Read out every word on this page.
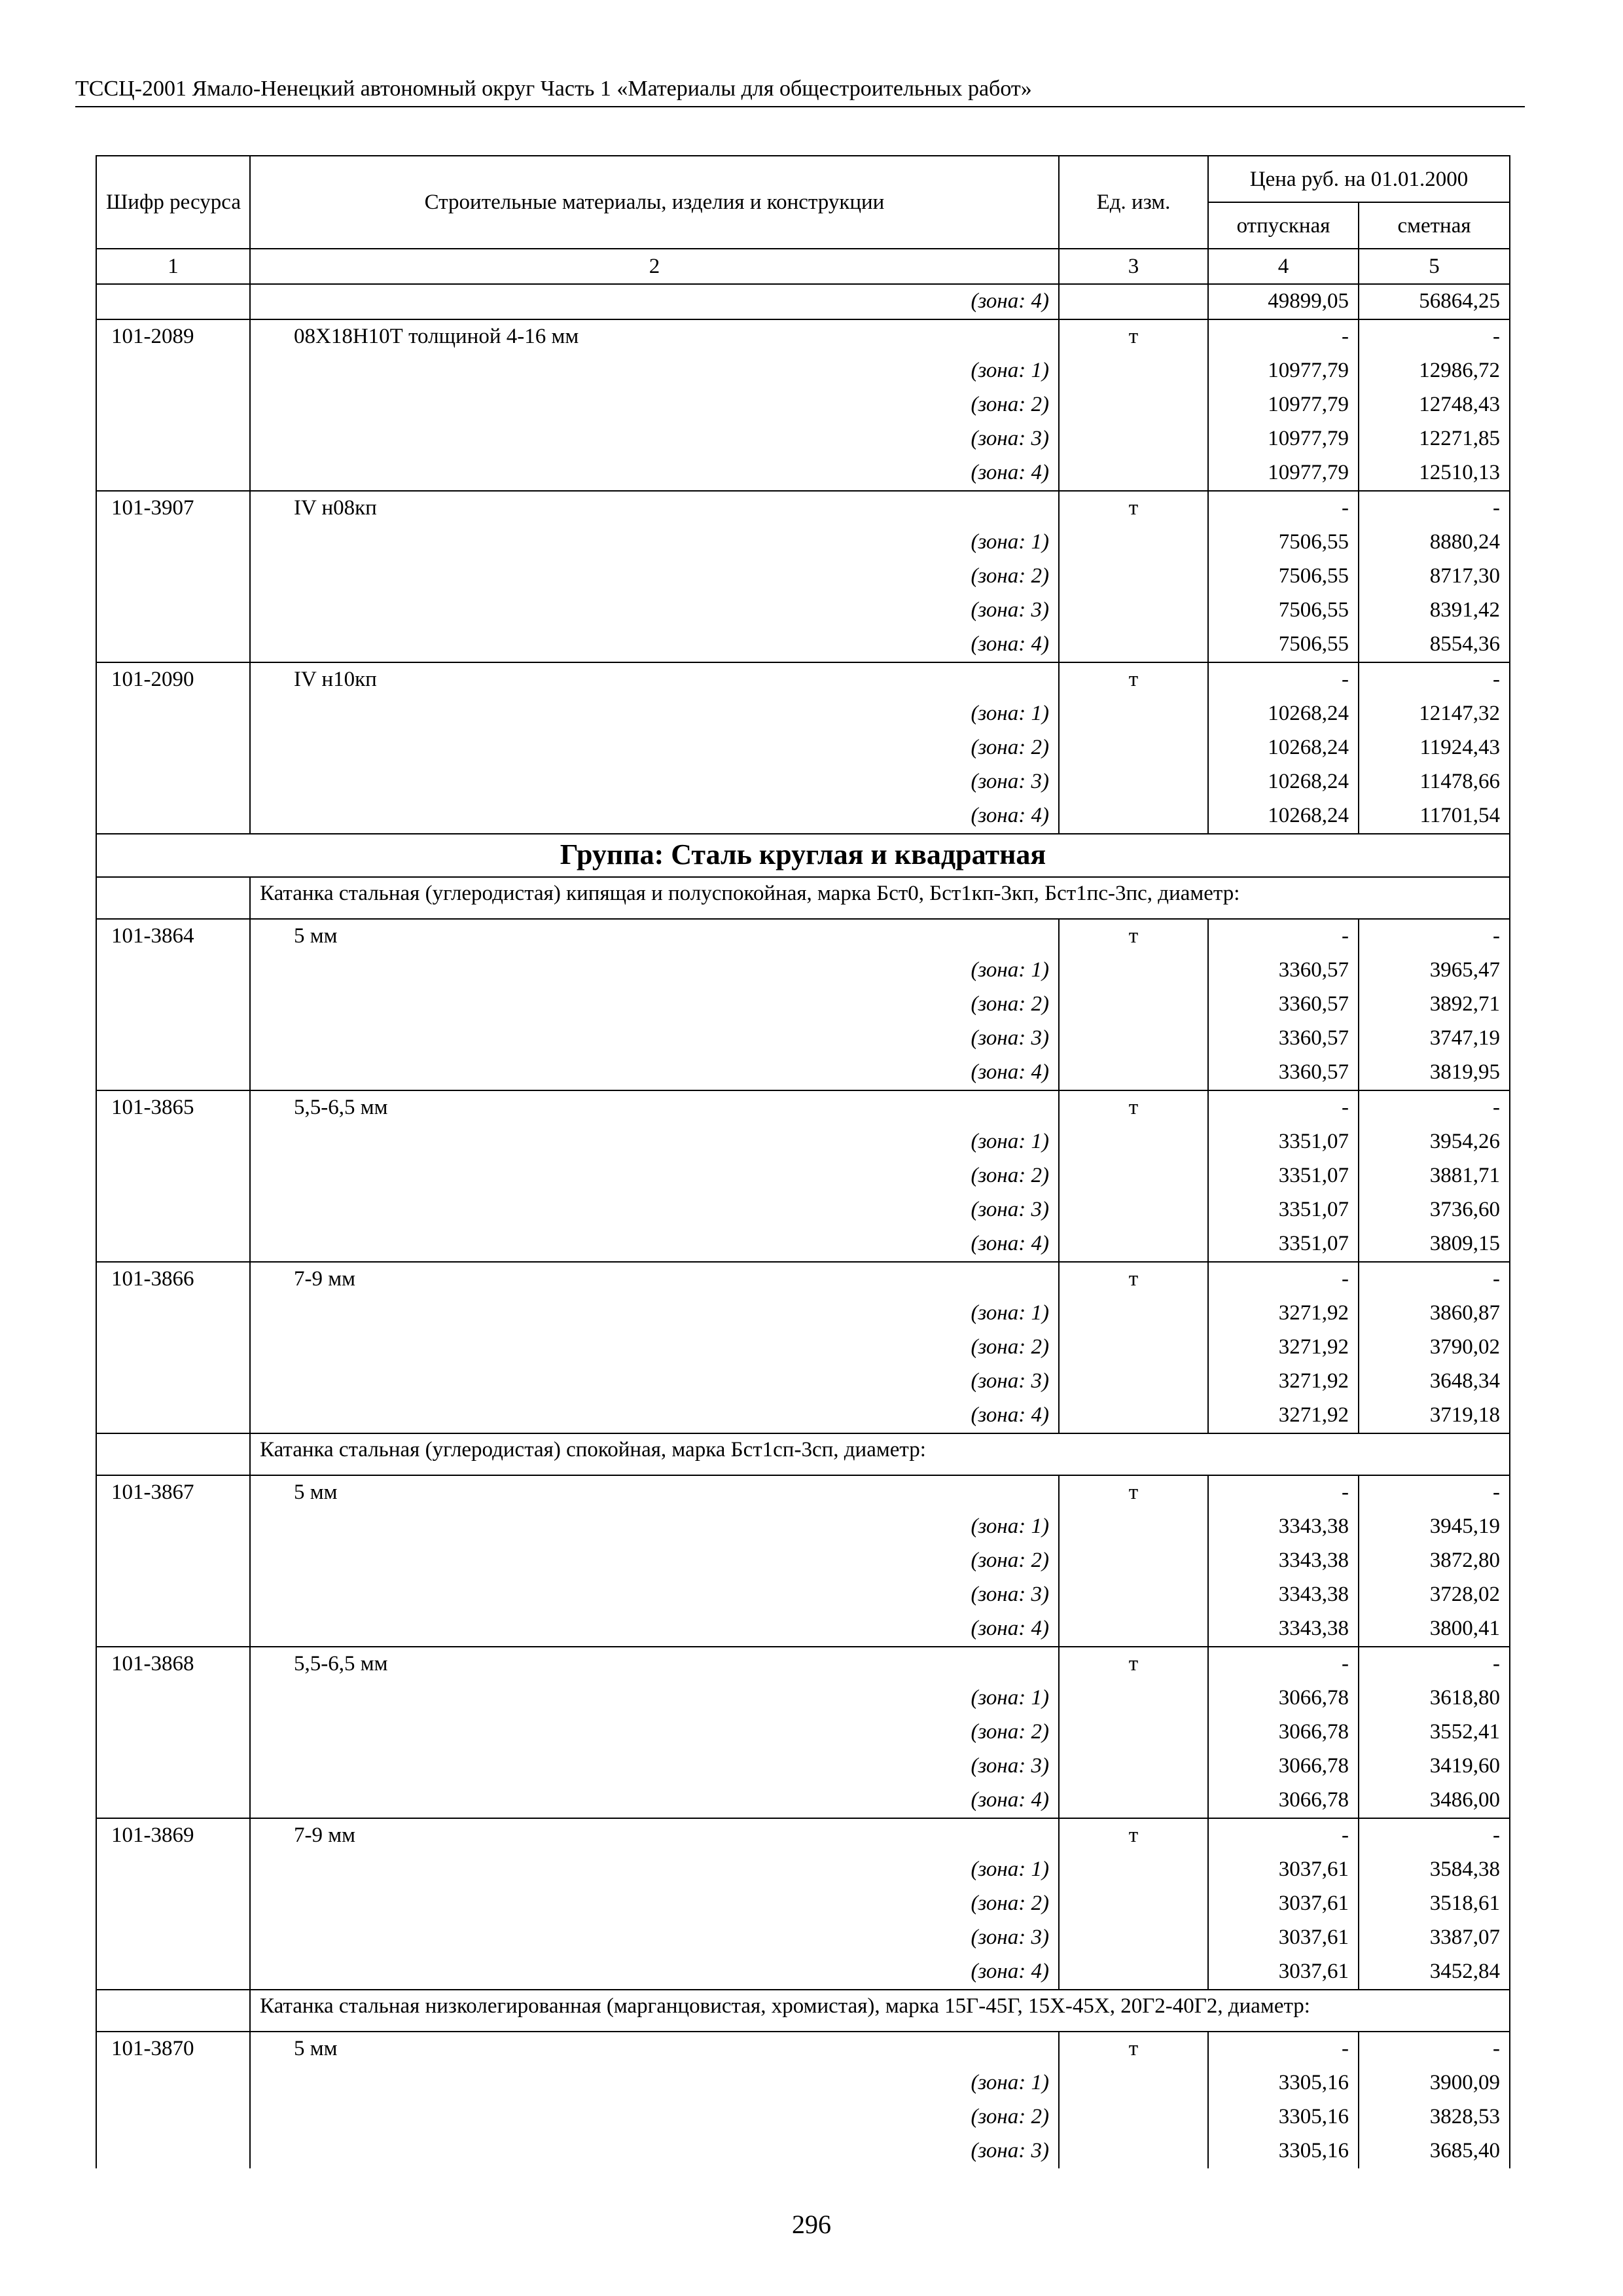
ТССЦ-2001 Ямало-Ненецкий автономный округ Часть 1 «Материалы для общестроительных работ»
Шифр ресурса	Строительные материалы, изделия и конструкции	Ед. изм.	Цена руб. на 01.01.2000	
			отпускная	сметная
1	2	3	4	5
	(зона: 4)		49899,05	56864,25
101-2089	08Х18Н10Т толщиной 4-16 мм	т	-	-
	(зона: 1)		10977,79	12986,72
	(зона: 2)		10977,79	12748,43
	(зона: 3)		10977,79	12271,85
	(зона: 4)		10977,79	12510,13
101-3907	IV н08кп	т	-	-
	(зона: 1)		7506,55	8880,24
	(зона: 2)		7506,55	8717,30
	(зона: 3)		7506,55	8391,42
	(зона: 4)		7506,55	8554,36
101-2090	IV н10кп	т	-	-
	(зона: 1)		10268,24	12147,32
	(зона: 2)		10268,24	11924,43
	(зона: 3)		10268,24	11478,66
	(зона: 4)		10268,24	11701,54
Группа: Сталь круглая и квадратная				
	Катанка стальная (углеродистая) кипящая и полуспокойная, марка Бст0, Бст1кп-3кп, Бст1пс-3пс, диаметр:			
101-3864	5 мм	т	-	-
	(зона: 1)		3360,57	3965,47
	(зона: 2)		3360,57	3892,71
	(зона: 3)		3360,57	3747,19
	(зона: 4)		3360,57	3819,95
101-3865	5,5-6,5 мм	т	-	-
	(зона: 1)		3351,07	3954,26
	(зона: 2)		3351,07	3881,71
	(зона: 3)		3351,07	3736,60
	(зона: 4)		3351,07	3809,15
101-3866	7-9 мм	т	-	-
	(зона: 1)		3271,92	3860,87
	(зона: 2)		3271,92	3790,02
	(зона: 3)		3271,92	3648,34
	(зона: 4)		3271,92	3719,18
	Катанка стальная (углеродистая) спокойная, марка Бст1сп-3сп, диаметр:			
101-3867	5 мм	т	-	-
	(зона: 1)		3343,38	3945,19
	(зона: 2)		3343,38	3872,80
	(зона: 3)		3343,38	3728,02
	(зона: 4)		3343,38	3800,41
101-3868	5,5-6,5 мм	т	-	-
	(зона: 1)		3066,78	3618,80
	(зона: 2)		3066,78	3552,41
	(зона: 3)		3066,78	3419,60
	(зона: 4)		3066,78	3486,00
101-3869	7-9 мм	т	-	-
	(зона: 1)		3037,61	3584,38
	(зона: 2)		3037,61	3518,61
	(зона: 3)		3037,61	3387,07
	(зона: 4)		3037,61	3452,84
	Катанка стальная низколегированная (марганцовистая, хромистая), марка 15Г-45Г, 15Х-45Х, 20Г2-40Г2, диаметр:			
101-3870	5 мм	т	-	-
	(зона: 1)		3305,16	3900,09
	(зона: 2)		3305,16	3828,53
	(зона: 3)		3305,16	3685,40
296
